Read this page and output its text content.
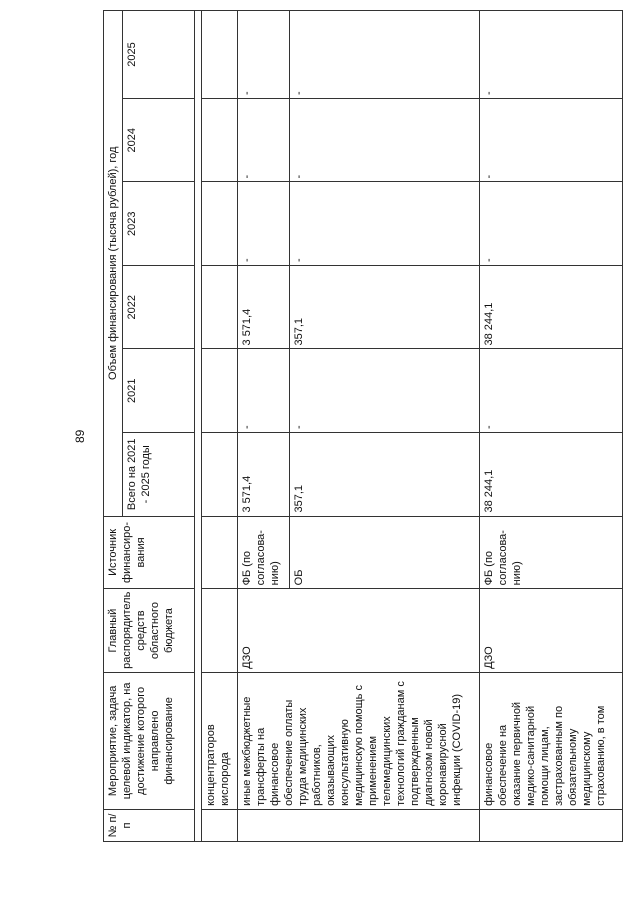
89
№ п/п	Мероприятие, задача целевой индикатор, на достижение которого направлено финансирование	Главный распорядитель средств областного бюджета	Источник финансиро-вания	Объем финансирования (тысяча рублей), год					
				Всего на 2021 - 2025 годы	2021	2022	2023	2024	2025

	концентраторов кислорода								
	иные межбюджетные трансферты на финансовое обеспечение оплаты труда медицинских работников, оказывающих консультативную медицинскую помощь с применением телемедицинских технологий гражданам с подтвержденным диагнозом новой коронавирусной инфекции (COVID-19)	ДЗО	ФБ (по согласова-нию)	3 571,4	-	3 571,4	-	-	-
			ОБ	357,1	-	357,1	-	-	-
	финансовое обеспечение на оказание первичной медико-санитарной помощи лицам, застрахованным по обязательному медицинскому страхованию, в том	ДЗО	ФБ (по согласова-нию)	38 244,1	-	38 244,1	-	-	-
